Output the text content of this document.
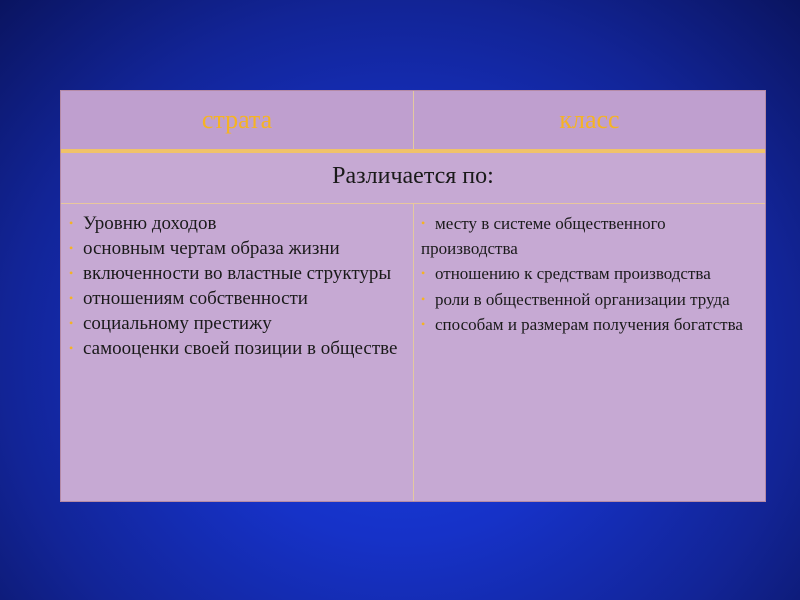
страта	класс
Различается по:

• Уровню доходов

• основным чертам образа жизни

• включенности во властные структуры

• отношениям собственности

• социальному престижу

• самооценки своей позиции в обществе

• месту в системе общественного производства

• отношению к средствам производства

• роли в общественной организации труда

• способам и размерам получения богатства
